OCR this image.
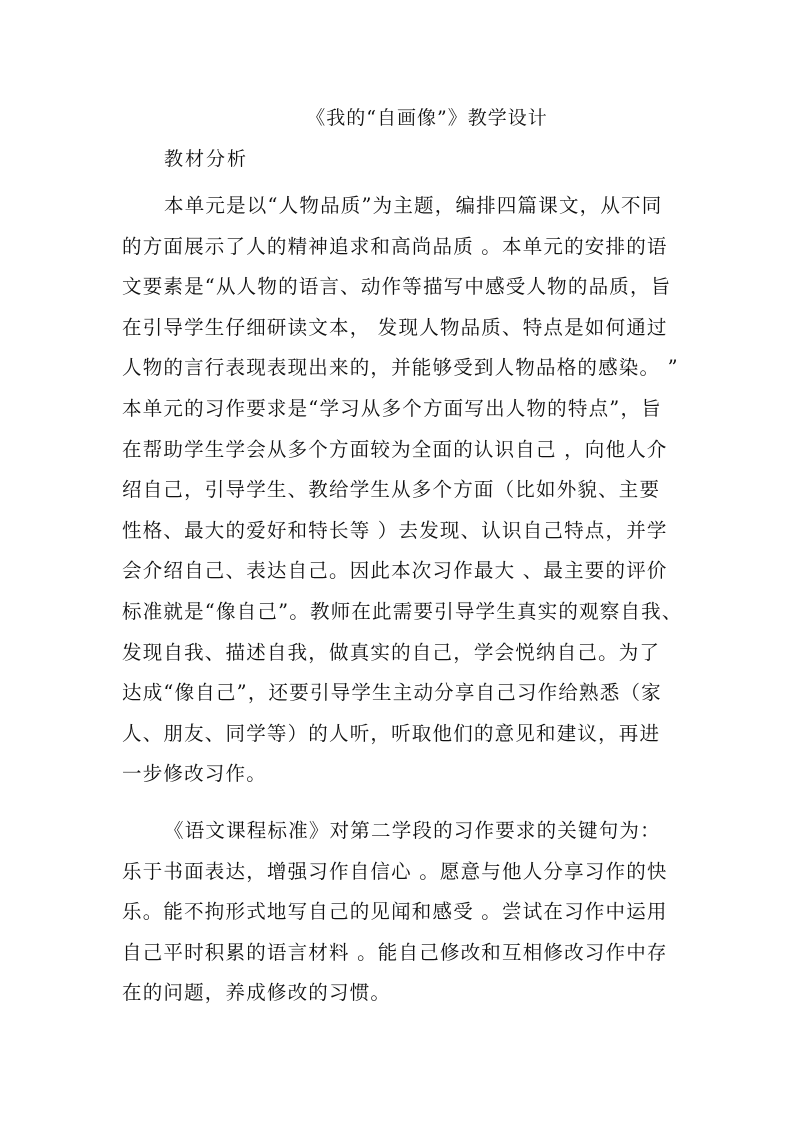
《我的“自画像”》教学设计
教材分析
本单元是以“人物品质”为主题，编排四篇课文，从不同
的方面展示了人的精神追求和高尚品质 。本单元的安排的语
文要素是“从人物的语言、动作等描写中感受人物的品质，旨
在引导学生仔细研读文本， 发现人物品质、特点是如何通过
人物的言行表现表现出来的，并能够受到人物品格的感染。 ”
本单元的习作要求是“学习从多个方面写出人物的特点”，旨
在帮助学生学会从多个方面较为全面的认识自己 ，向他人介
绍自己，引导学生、教给学生从多个方面（比如外貌、主要
性格、最大的爱好和特长等 ）去发现、认识自己特点，并学
会介绍自己、表达自己。因此本次习作最大 、最主要的评价
标准就是“像自己”。教师在此需要引导学生真实的观察自我、
发现自我、描述自我，做真实的自己，学会悦纳自己。为了
达成“像自己”，还要引导学生主动分享自己习作给熟悉（家
人、朋友、同学等）的人听，听取他们的意见和建议，再进
一步修改习作。
《语文课程标准》对第二学段的习作要求的关键句为：
乐于书面表达，增强习作自信心 。愿意与他人分享习作的快
乐。能不拘形式地写自己的见闻和感受 。尝试在习作中运用
自己平时积累的语言材料 。能自己修改和互相修改习作中存
在的问题，养成修改的习惯。
